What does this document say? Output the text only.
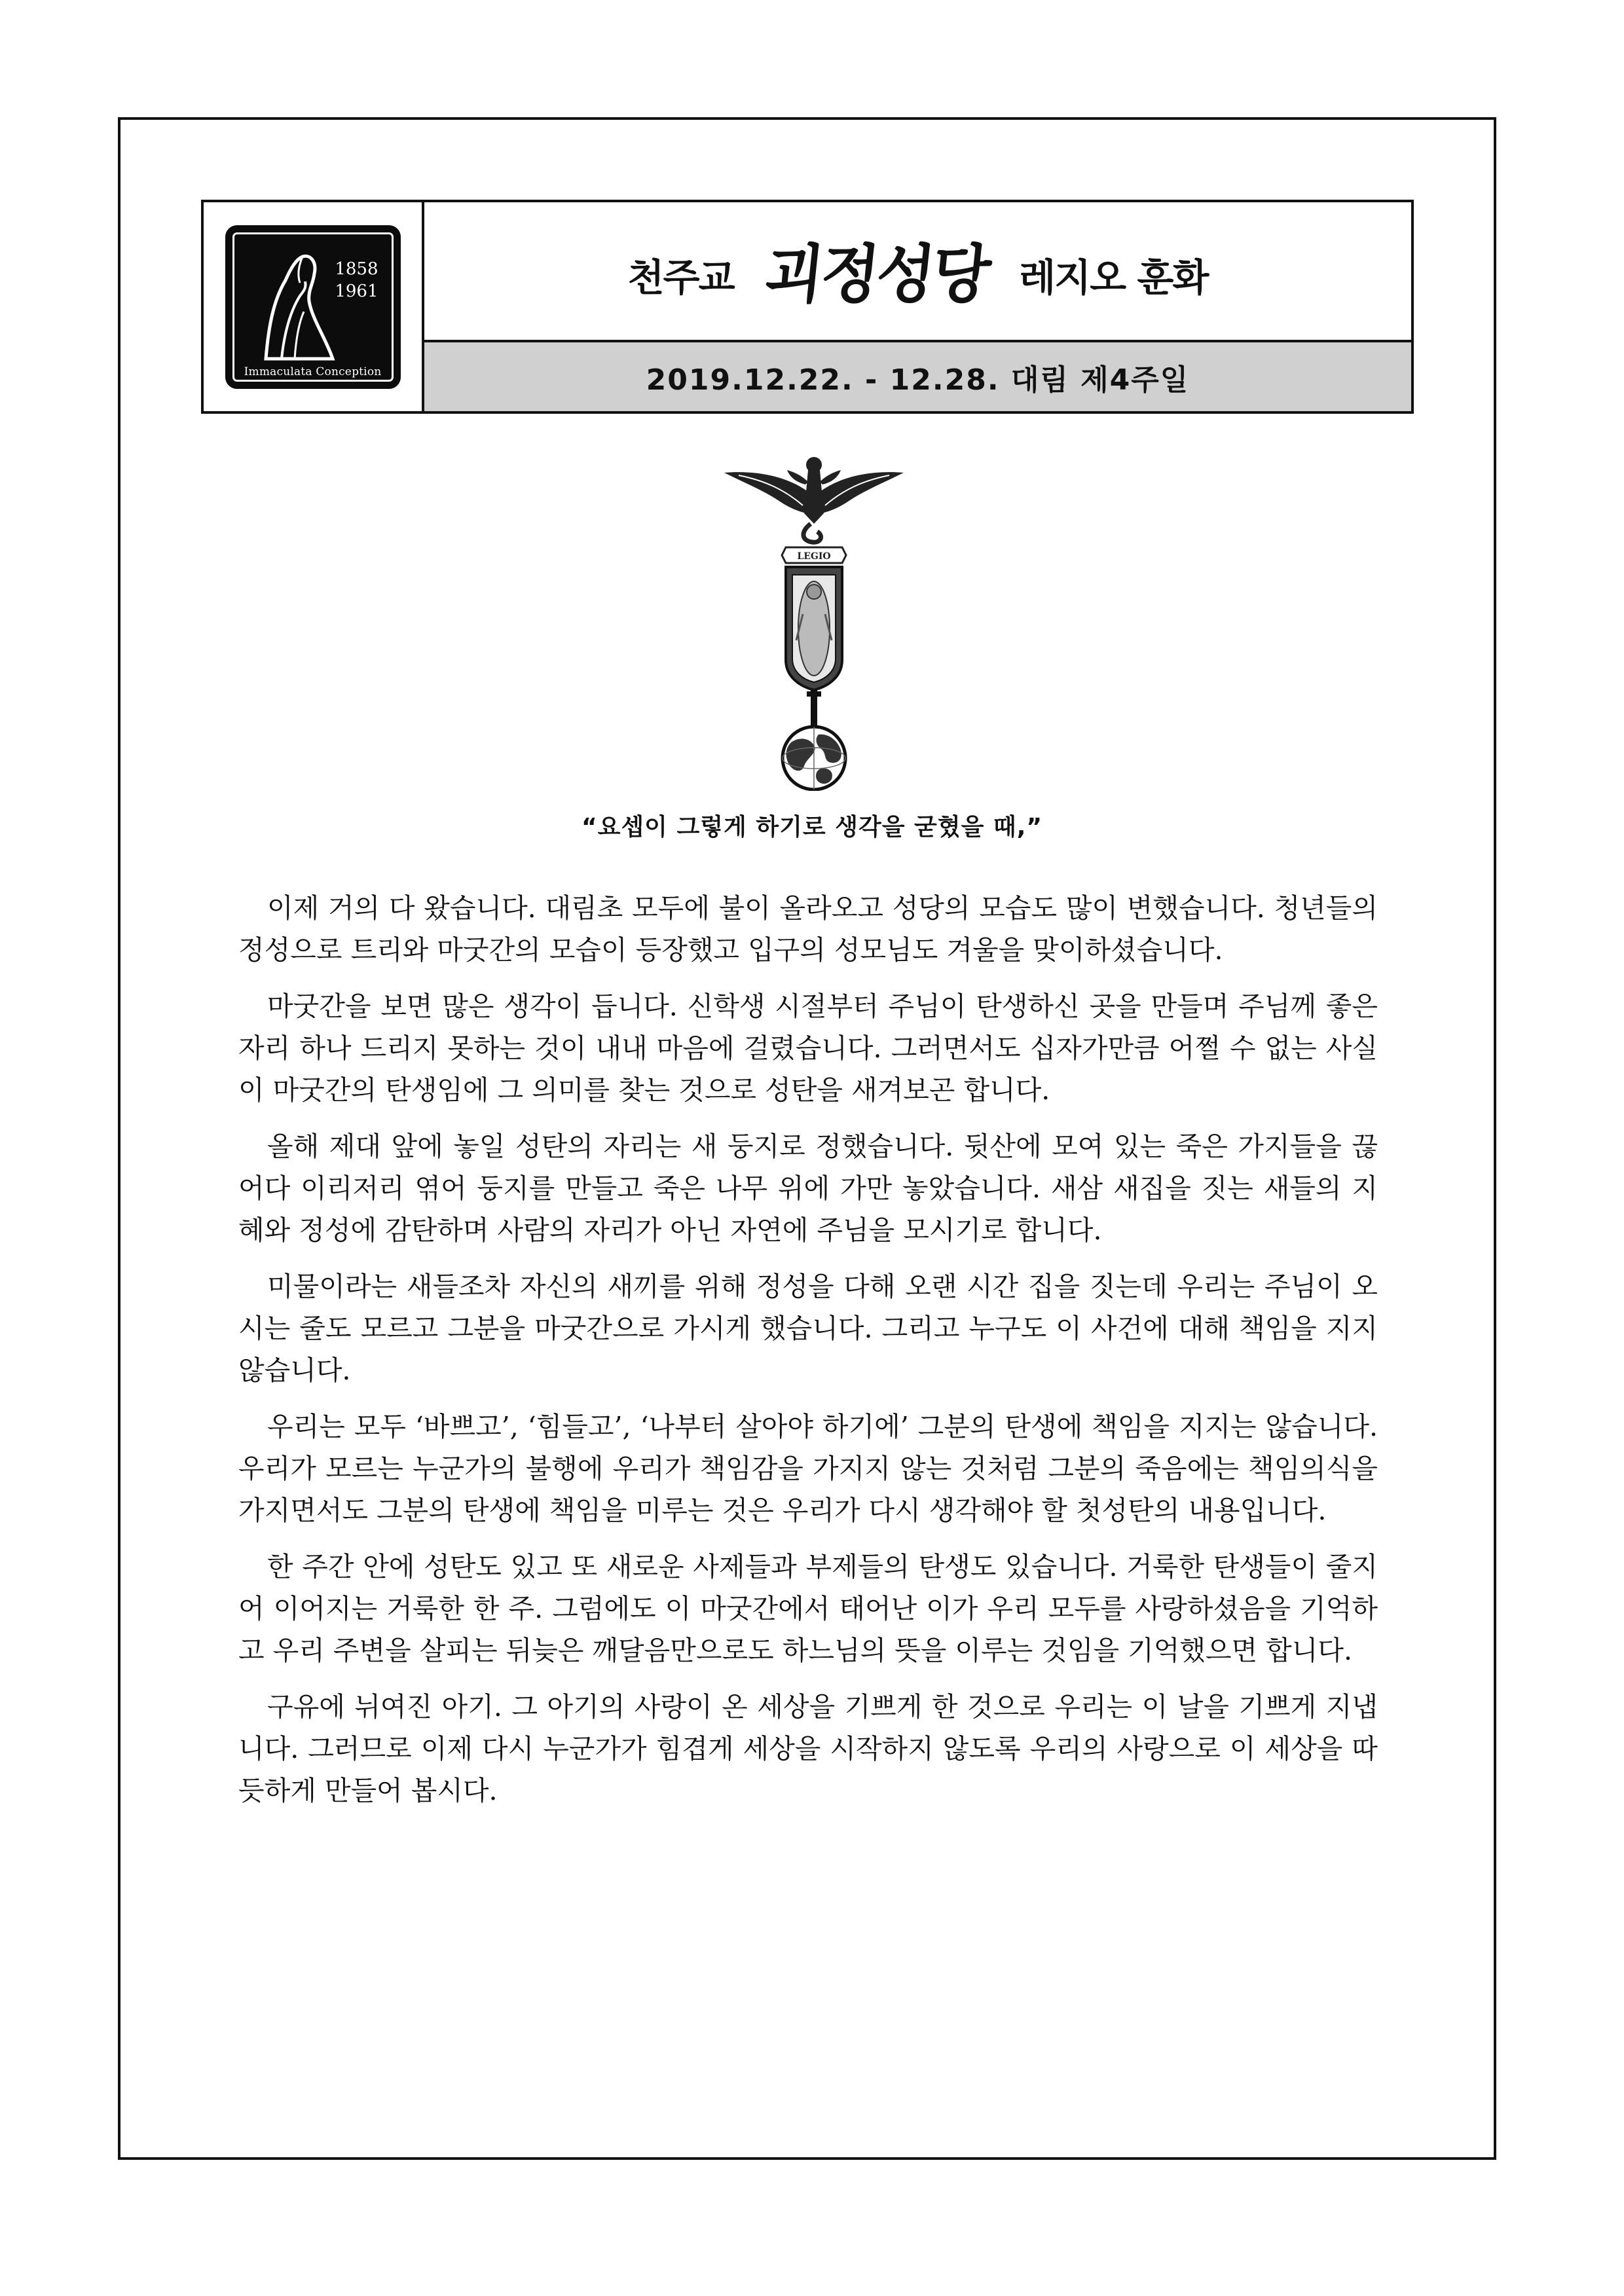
1858
1961
Immaculata Conception
천주교 괴정성당 레지오 훈화
2019.12.22. - 12.28. 대림 제4주일
LEGIO
“요셉이 그렇게 하기로 생각을 굳혔을 때,”

이제 거의 다 왔습니다. 대림초 모두에 불이 올라오고 성당의 모습도 많이 변했습니다. 청년들의 정성으로 트리와 마굿간의 모습이 등장했고 입구의 성모님도 겨울을 맞이하셨습니다.

마굿간을 보면 많은 생각이 듭니다. 신학생 시절부터 주님이 탄생하신 곳을 만들며 주님께 좋은 자리 하나 드리지 못하는 것이 내내 마음에 걸렸습니다. 그러면서도 십자가만큼 어쩔 수 없는 사실이 마굿간의 탄생임에 그 의미를 찾는 것으로 성탄을 새겨보곤 합니다.

올해 제대 앞에 놓일 성탄의 자리는 새 둥지로 정했습니다. 뒷산에 모여 있는 죽은 가지들을 끊어다 이리저리 엮어 둥지를 만들고 죽은 나무 위에 가만 놓았습니다. 새삼 새집을 짓는 새들의 지혜와 정성에 감탄하며 사람의 자리가 아닌 자연에 주님을 모시기로 합니다.

미물이라는 새들조차 자신의 새끼를 위해 정성을 다해 오랜 시간 집을 짓는데 우리는 주님이 오시는 줄도 모르고 그분을 마굿간으로 가시게 했습니다. 그리고 누구도 이 사건에 대해 책임을 지지 않습니다.

우리는 모두 ‘바쁘고’, ‘힘들고’, ‘나부터 살아야 하기에’ 그분의 탄생에 책임을 지지는 않습니다. 우리가 모르는 누군가의 불행에 우리가 책임감을 가지지 않는 것처럼 그분의 죽음에는 책임의식을 가지면서도 그분의 탄생에 책임을 미루는 것은 우리가 다시 생각해야 할 첫성탄의 내용입니다.

한 주간 안에 성탄도 있고 또 새로운 사제들과 부제들의 탄생도 있습니다. 거룩한 탄생들이 줄지어 이어지는 거룩한 한 주. 그럼에도 이 마굿간에서 태어난 이가 우리 모두를 사랑하셨음을 기억하고 우리 주변을 살피는 뒤늦은 깨달음만으로도 하느님의 뜻을 이루는 것임을 기억했으면 합니다.

구유에 뉘여진 아기. 그 아기의 사랑이 온 세상을 기쁘게 한 것으로 우리는 이 날을 기쁘게 지냅니다. 그러므로 이제 다시 누군가가 힘겹게 세상을 시작하지 않도록 우리의 사랑으로 이 세상을 따듯하게 만들어 봅시다.
